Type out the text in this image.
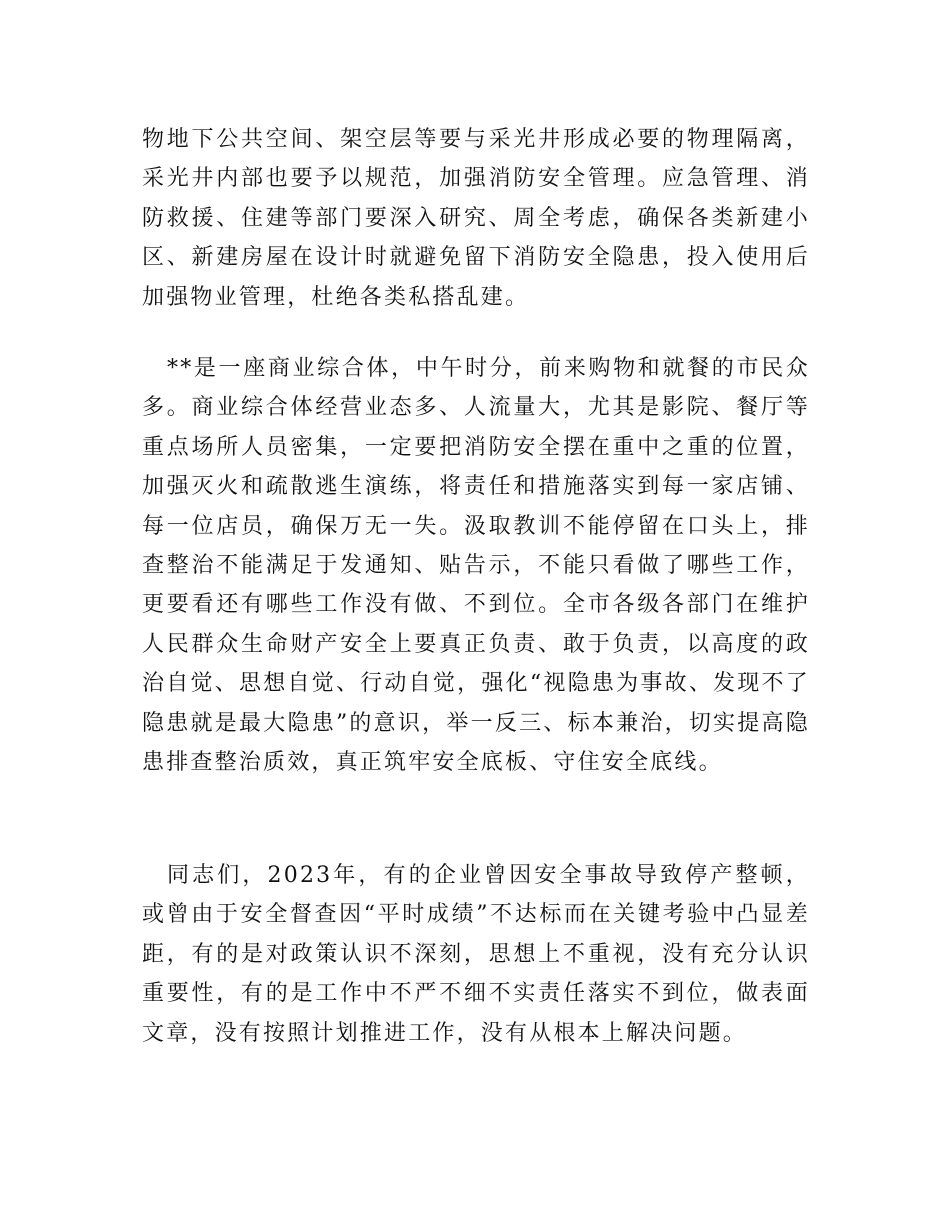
物地下公共空间、架空层等要与采光井形成必要的物理隔离，采光井内部也要予以规范，加强消防安全管理。应急管理、消防救援、住建等部门要深入研究、周全考虑，确保各类新建小区、新建房屋在设计时就避免留下消防安全隐患，投入使用后加强物业管理，杜绝各类私搭乱建。

**是一座商业综合体，中午时分，前来购物和就餐的市民众多。商业综合体经营业态多、人流量大，尤其是影院、餐厅等重点场所人员密集，一定要把消防安全摆在重中之重的位置，加强灭火和疏散逃生演练，将责任和措施落实到每一家店铺、每一位店员，确保万无一失。汲取教训不能停留在口头上，排查整治不能满足于发通知、贴告示，不能只看做了哪些工作，更要看还有哪些工作没有做、不到位。全市各级各部门在维护人民群众生命财产安全上要真正负责、敢于负责，以高度的政治自觉、思想自觉、行动自觉，强化“视隐患为事故、发现不了隐患就是最大隐患”的意识，举一反三、标本兼治，切实提高隐患排查整治质效，真正筑牢安全底板、守住安全底线。

同志们，2023年，有的企业曾因安全事故导致停产整顿，或曾由于安全督查因“平时成绩”不达标而在关键考验中凸显差距，有的是对政策认识不深刻，思想上不重视，没有充分认识重要性，有的是工作中不严不细不实责任落实不到位，做表面文章，没有按照计划推进工作，没有从根本上解决问题。
